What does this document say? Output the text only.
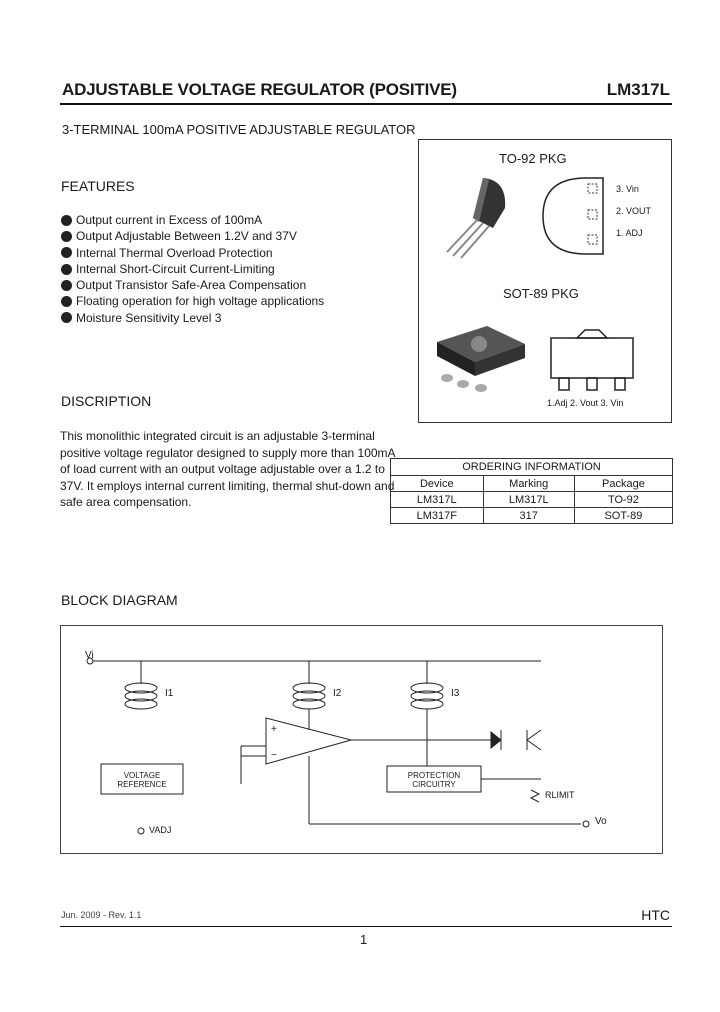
ADJUSTABLE VOLTAGE REGULATOR (POSITIVE)	LM317L
3-TERMINAL 100mA POSITIVE ADJUSTABLE REGULATOR
FEATURES
Output current in Excess of 100mA
Output Adjustable Between 1.2V and 37V
Internal Thermal Overload Protection
Internal Short-Circuit Current-Limiting
Output Transistor Safe-Area Compensation
Floating operation for high voltage applications
Moisture Sensitivity Level 3
DISCRIPTION
This monolithic integrated circuit is an adjustable 3-terminal positive voltage regulator designed to supply more than 100mA of load current with an output voltage adjustable over a 1.2 to 37V. It employs internal current limiting, thermal shut-down and safe area compensation.
TO-92 PKG
3. Vin
2. VOUT
1. ADJ
SOT-89 PKG
1.Adj 2. Vout 3. Vin
ORDERING INFORMATION		
Device	Marking	Package
LM317L	LM317L	TO-92
LM317F	317	SOT-89
BLOCK DIAGRAM
Vi
I1	I2	I3
+
−
VOLTAGE
REFERENCE
PROTECTION
CIRCUITRY
RLIMIT
Vo
VADJ
Jun. 2009 - Rev. 1.1	HTC
1
